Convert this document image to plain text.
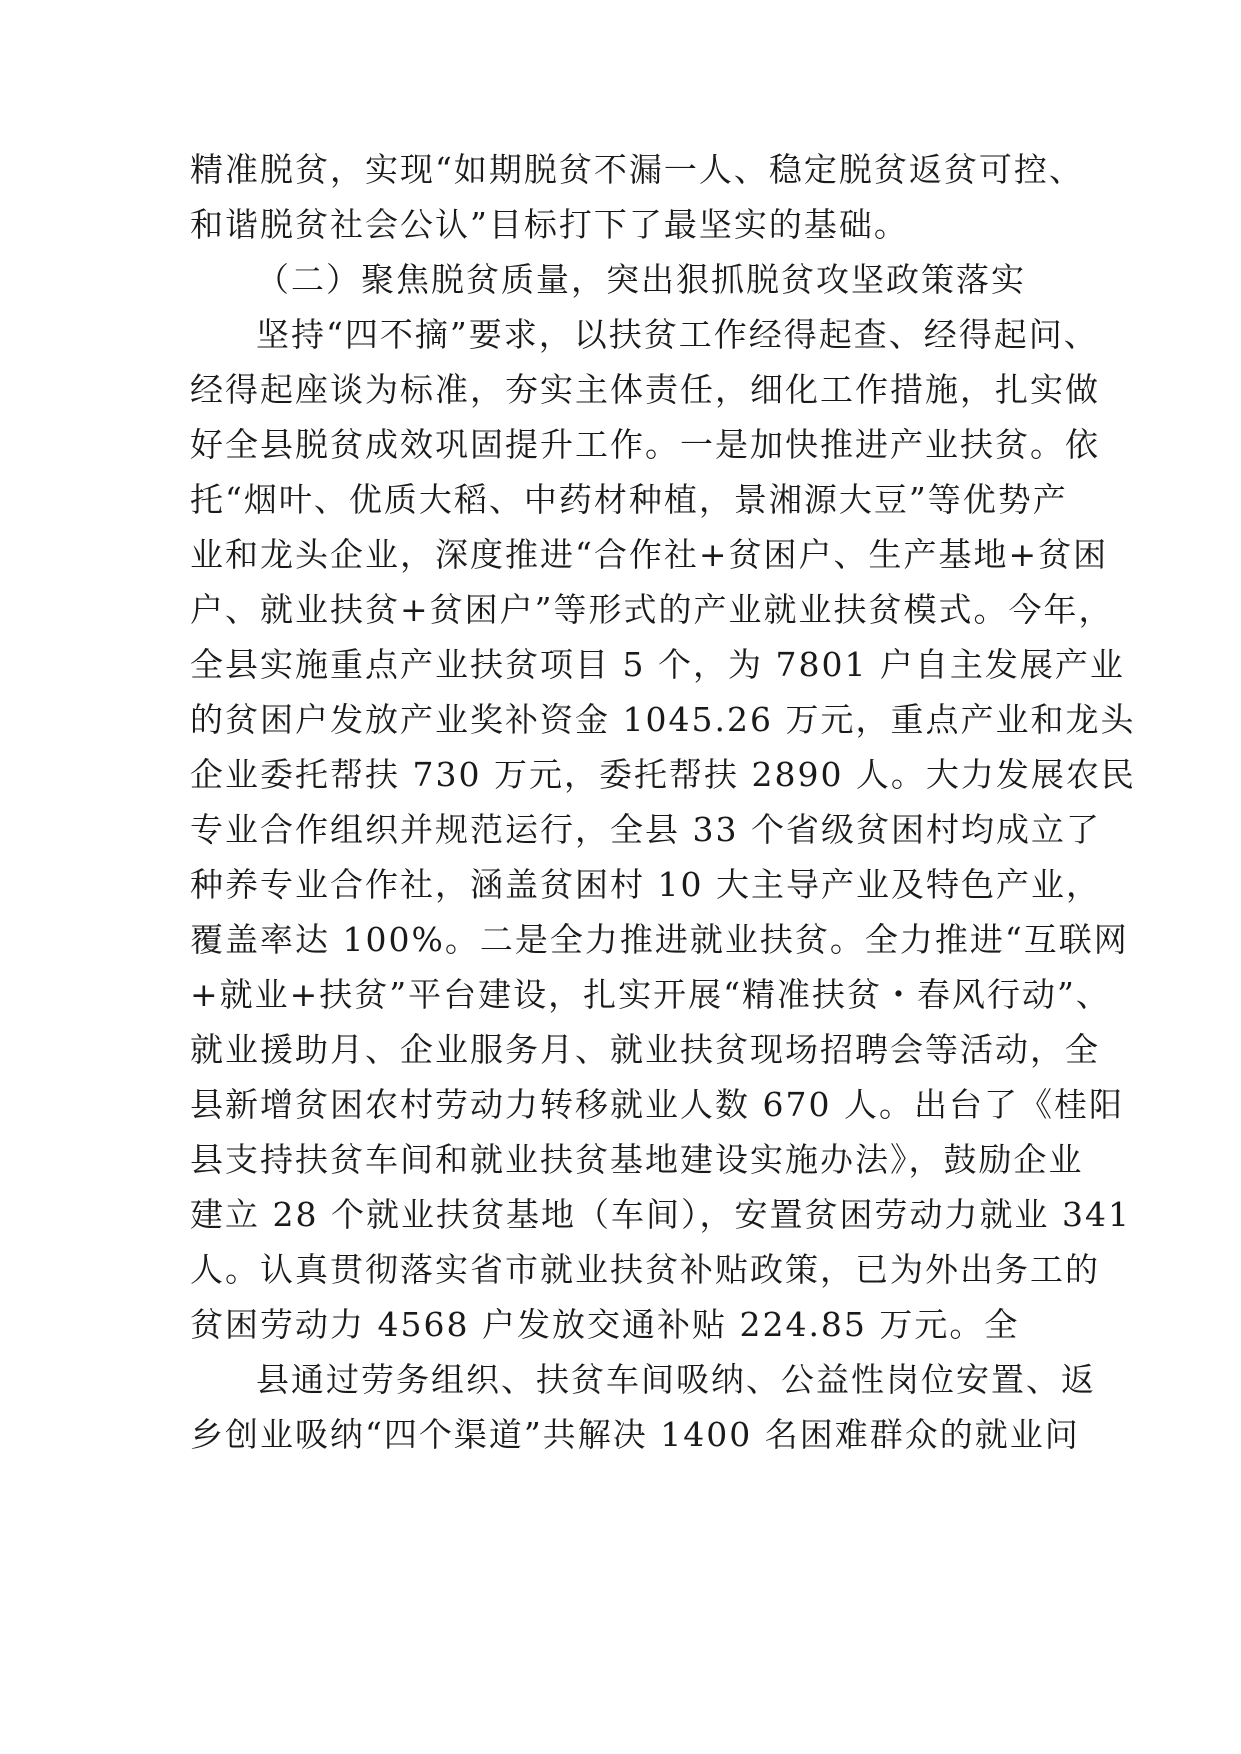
精准脱贫，实现“如期脱贫不漏一人、稳定脱贫返贫可控、
和谐脱贫社会公认”目标打下了最坚实的基础。
（二）聚焦脱贫质量，突出狠抓脱贫攻坚政策落实
坚持“四不摘”要求，以扶贫工作经得起查、经得起问、
经得起座谈为标准，夯实主体责任，细化工作措施，扎实做
好全县脱贫成效巩固提升工作。一是加快推进产业扶贫。依
托“烟叶、优质大稻、中药材种植，景湘源大豆”等优势产
业和龙头企业，深度推进“合作社+贫困户、生产基地+贫困
户、就业扶贫+贫困户”等形式的产业就业扶贫模式。今年，
全县实施重点产业扶贫项目 5 个，为 7801 户自主发展产业
的贫困户发放产业奖补资金 1045.26 万元，重点产业和龙头
企业委托帮扶 730 万元，委托帮扶 2890 人。大力发展农民
专业合作组织并规范运行，全县 33 个省级贫困村均成立了
种养专业合作社，涵盖贫困村 10 大主导产业及特色产业，
覆盖率达 100%。二是全力推进就业扶贫。全力推进“互联网
+就业+扶贫”平台建设，扎实开展“精准扶贫・春风行动”、
就业援助月、企业服务月、就业扶贫现场招聘会等活动，全
县新增贫困农村劳动力转移就业人数 670 人。出台了《桂阳
县支持扶贫车间和就业扶贫基地建设实施办法》，鼓励企业
建立 28 个就业扶贫基地（车间），安置贫困劳动力就业 341
人。认真贯彻落实省市就业扶贫补贴政策，已为外出务工的
贫困劳动力 4568 户发放交通补贴 224.85 万元。全
县通过劳务组织、扶贫车间吸纳、公益性岗位安置、返
乡创业吸纳“四个渠道”共解决 1400 名困难群众的就业问
